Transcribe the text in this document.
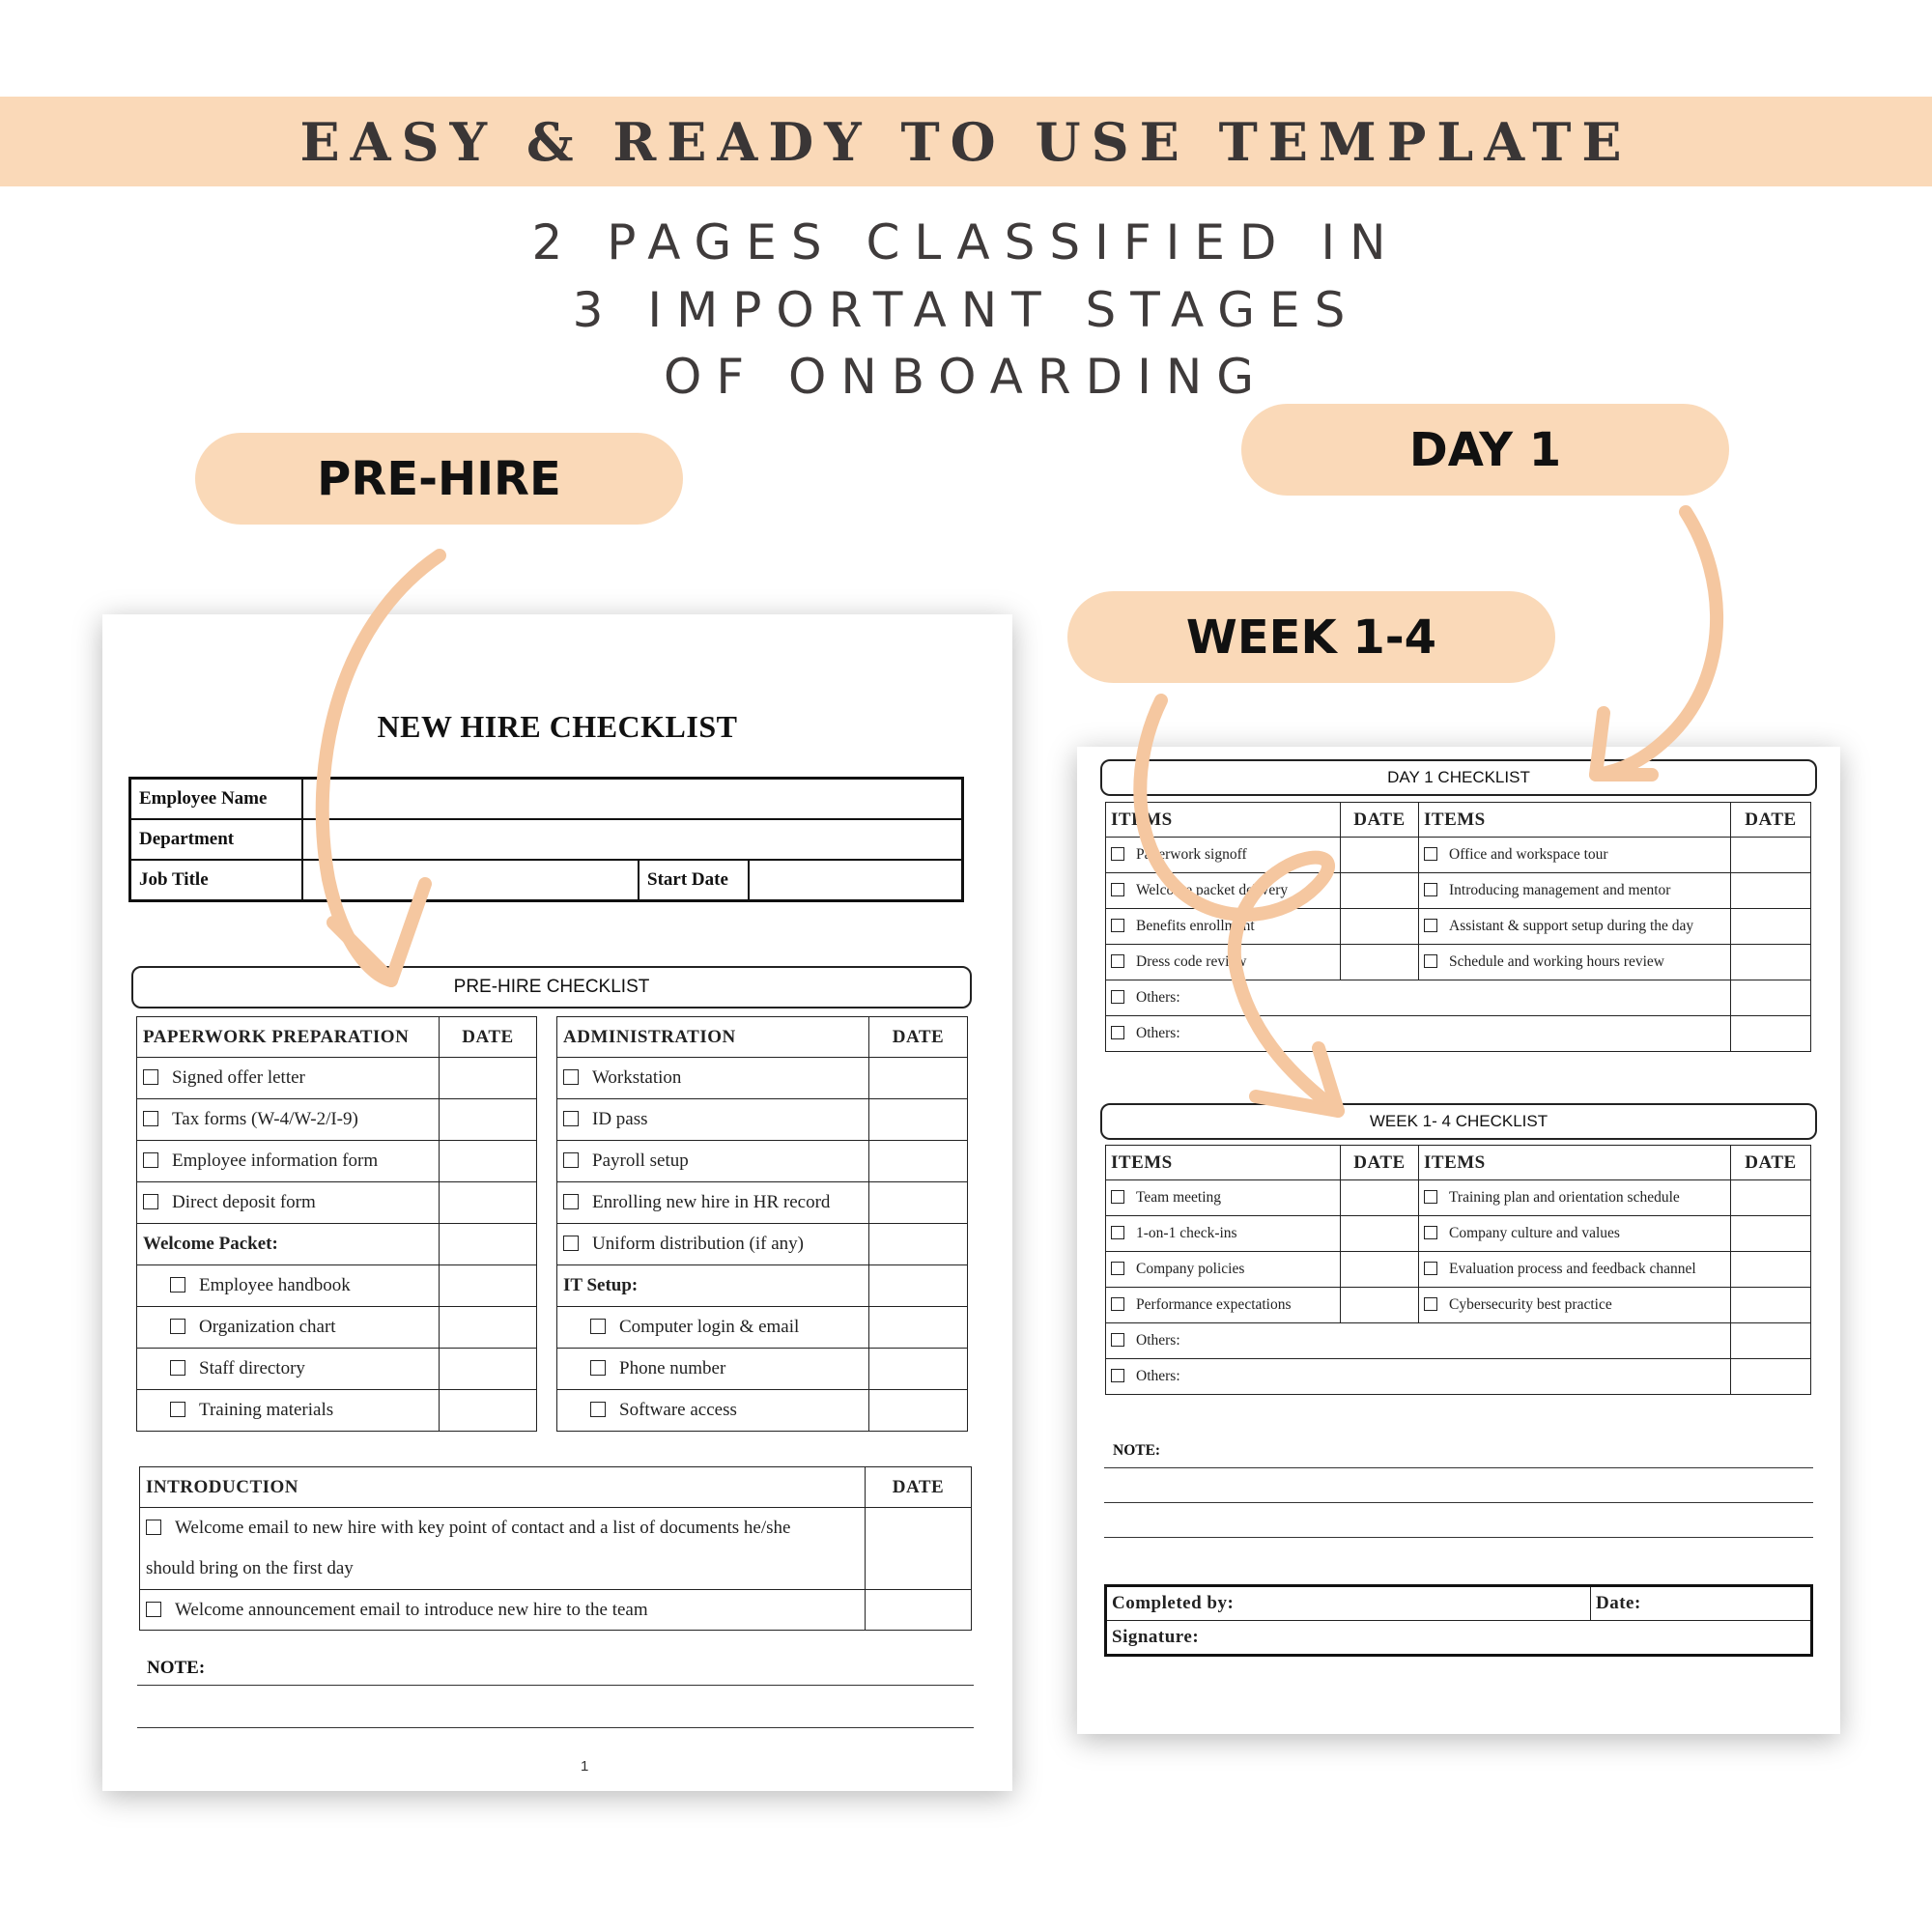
EASY & READY TO USE TEMPLATE
2 PAGES CLASSIFIED IN
3 IMPORTANT STAGES
OF ONBOARDING
PRE-HIRE
DAY 1
WEEK 1-4
NEW HIRE CHECKLIST
Employee Name			
Department			
Job Title		Start Date	
PRE-HIRE CHECKLIST
PAPERWORK PREPARATION	DATE
Signed offer letter	
Tax forms (W-4/W-2/I-9)	
Employee information form	
Direct deposit form	
Welcome Packet:	
Employee handbook	
Organization chart	
Staff directory	
Training materials	
ADMINISTRATION	DATE
Workstation	
ID pass	
Payroll setup	
Enrolling new hire in HR record	
Uniform distribution (if any)	
IT Setup:	
Computer login & email	
Phone number	
Software access	
INTRODUCTION	DATE
Welcome email to new hire with key point of contact and a list of documents he/she
should bring on the first day	
Welcome announcement email to introduce new hire to the team	
NOTE:
1
DAY 1 CHECKLIST
ITEMS	DATE	ITEMS	DATE
Paperwork signoff		Office and workspace tour	
Welcome packet delivery		Introducing management and mentor	
Benefits enrollment		Assistant & support setup during the day	
Dress code review		Schedule and working hours review	
Others:			
Others:			
WEEK 1- 4 CHECKLIST
ITEMS	DATE	ITEMS	DATE
Team meeting		Training plan and orientation schedule	
1-on-1 check-ins		Company culture and values	
Company policies		Evaluation process and feedback channel	
Performance expectations		Cybersecurity best practice	
Others:			
Others:			
NOTE:
Completed by:	Date:
Signature:
